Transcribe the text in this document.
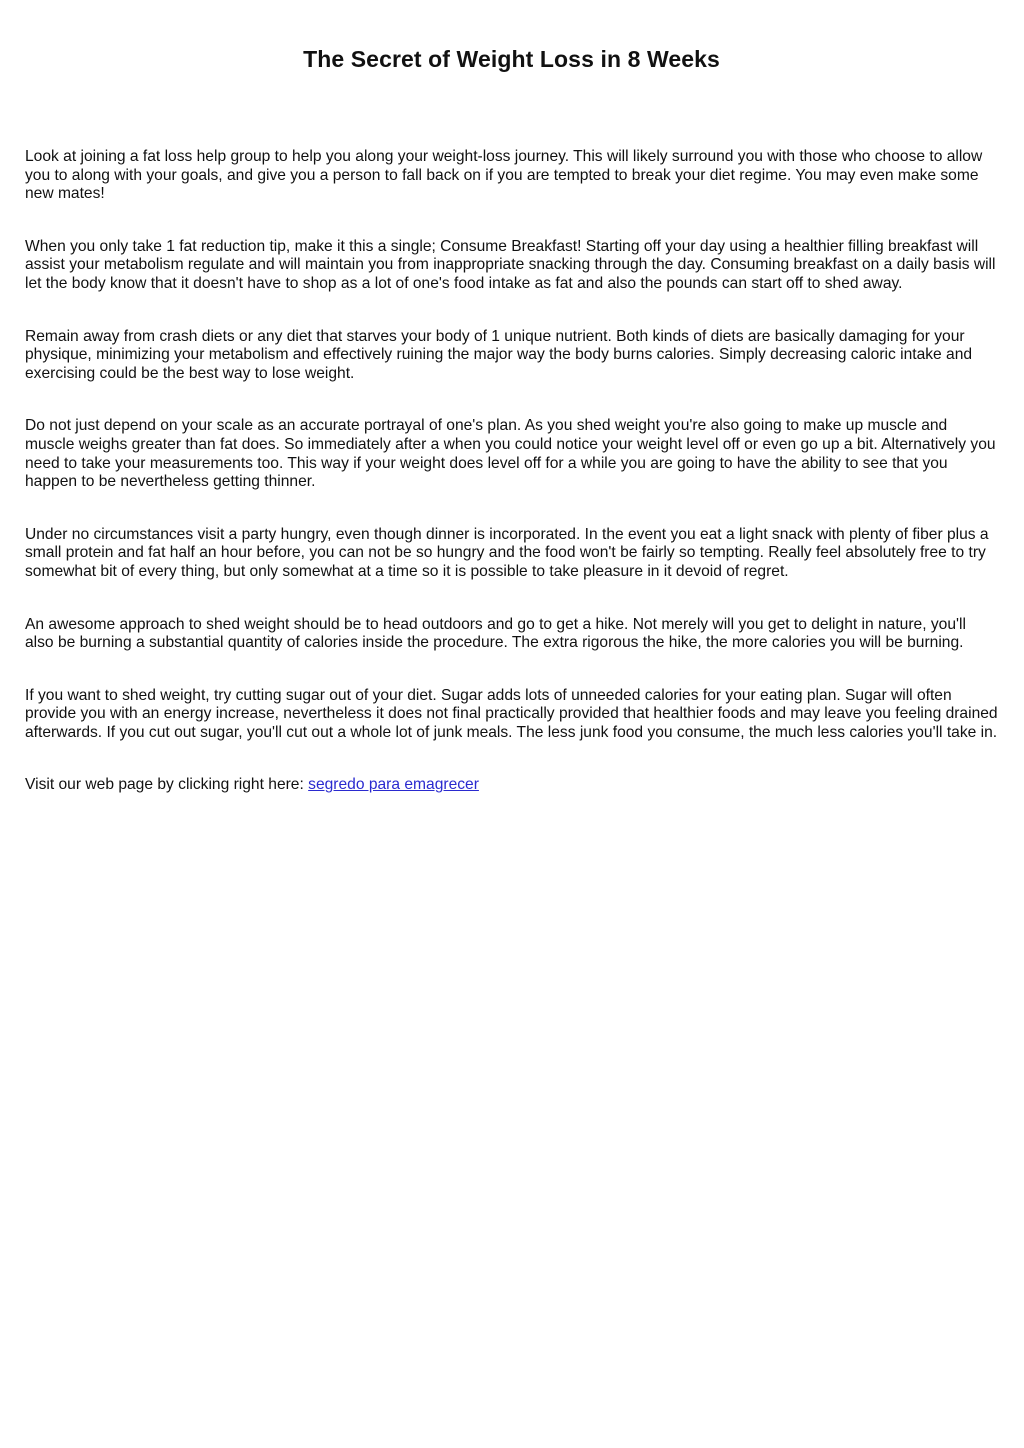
The Secret of Weight Loss in 8 Weeks

Look at joining a fat loss help group to help you along your weight-loss journey. This will likely surround you with those who choose to allow you to along with your goals, and give you a person to fall back on if you are tempted to break your diet regime. You may even make some new mates!

When you only take 1 fat reduction tip, make it this a single; Consume Breakfast! Starting off your day using a healthier filling breakfast will assist your metabolism regulate and will maintain you from inappropriate snacking through the day. Consuming breakfast on a daily basis will let the body know that it doesn't have to shop as a lot of one's food intake as fat and also the pounds can start off to shed away.

Remain away from crash diets or any diet that starves your body of 1 unique nutrient. Both kinds of diets are basically damaging for your physique, minimizing your metabolism and effectively ruining the major way the body burns calories. Simply decreasing caloric intake and exercising could be the best way to lose weight.

Do not just depend on your scale as an accurate portrayal of one's plan. As you shed weight you're also going to make up muscle and muscle weighs greater than fat does. So immediately after a when you could notice your weight level off or even go up a bit. Alternatively you need to take your measurements too. This way if your weight does level off for a while you are going to have the ability to see that you happen to be nevertheless getting thinner.

Under no circumstances visit a party hungry, even though dinner is incorporated. In the event you eat a light snack with plenty of fiber plus a small protein and fat half an hour before, you can not be so hungry and the food won't be fairly so tempting. Really feel absolutely free to try somewhat bit of every thing, but only somewhat at a time so it is possible to take pleasure in it devoid of regret.

An awesome approach to shed weight should be to head outdoors and go to get a hike. Not merely will you get to delight in nature, you'll also be burning a substantial quantity of calories inside the procedure. The extra rigorous the hike, the more calories you will be burning.

If you want to shed weight, try cutting sugar out of your diet. Sugar adds lots of unneeded calories for your eating plan. Sugar will often provide you with an energy increase, nevertheless it does not final practically provided that healthier foods and may leave you feeling drained afterwards. If you cut out sugar, you'll cut out a whole lot of junk meals. The less junk food you consume, the much less calories you'll take in.

Visit our web page by clicking right here: segredo para emagrecer
